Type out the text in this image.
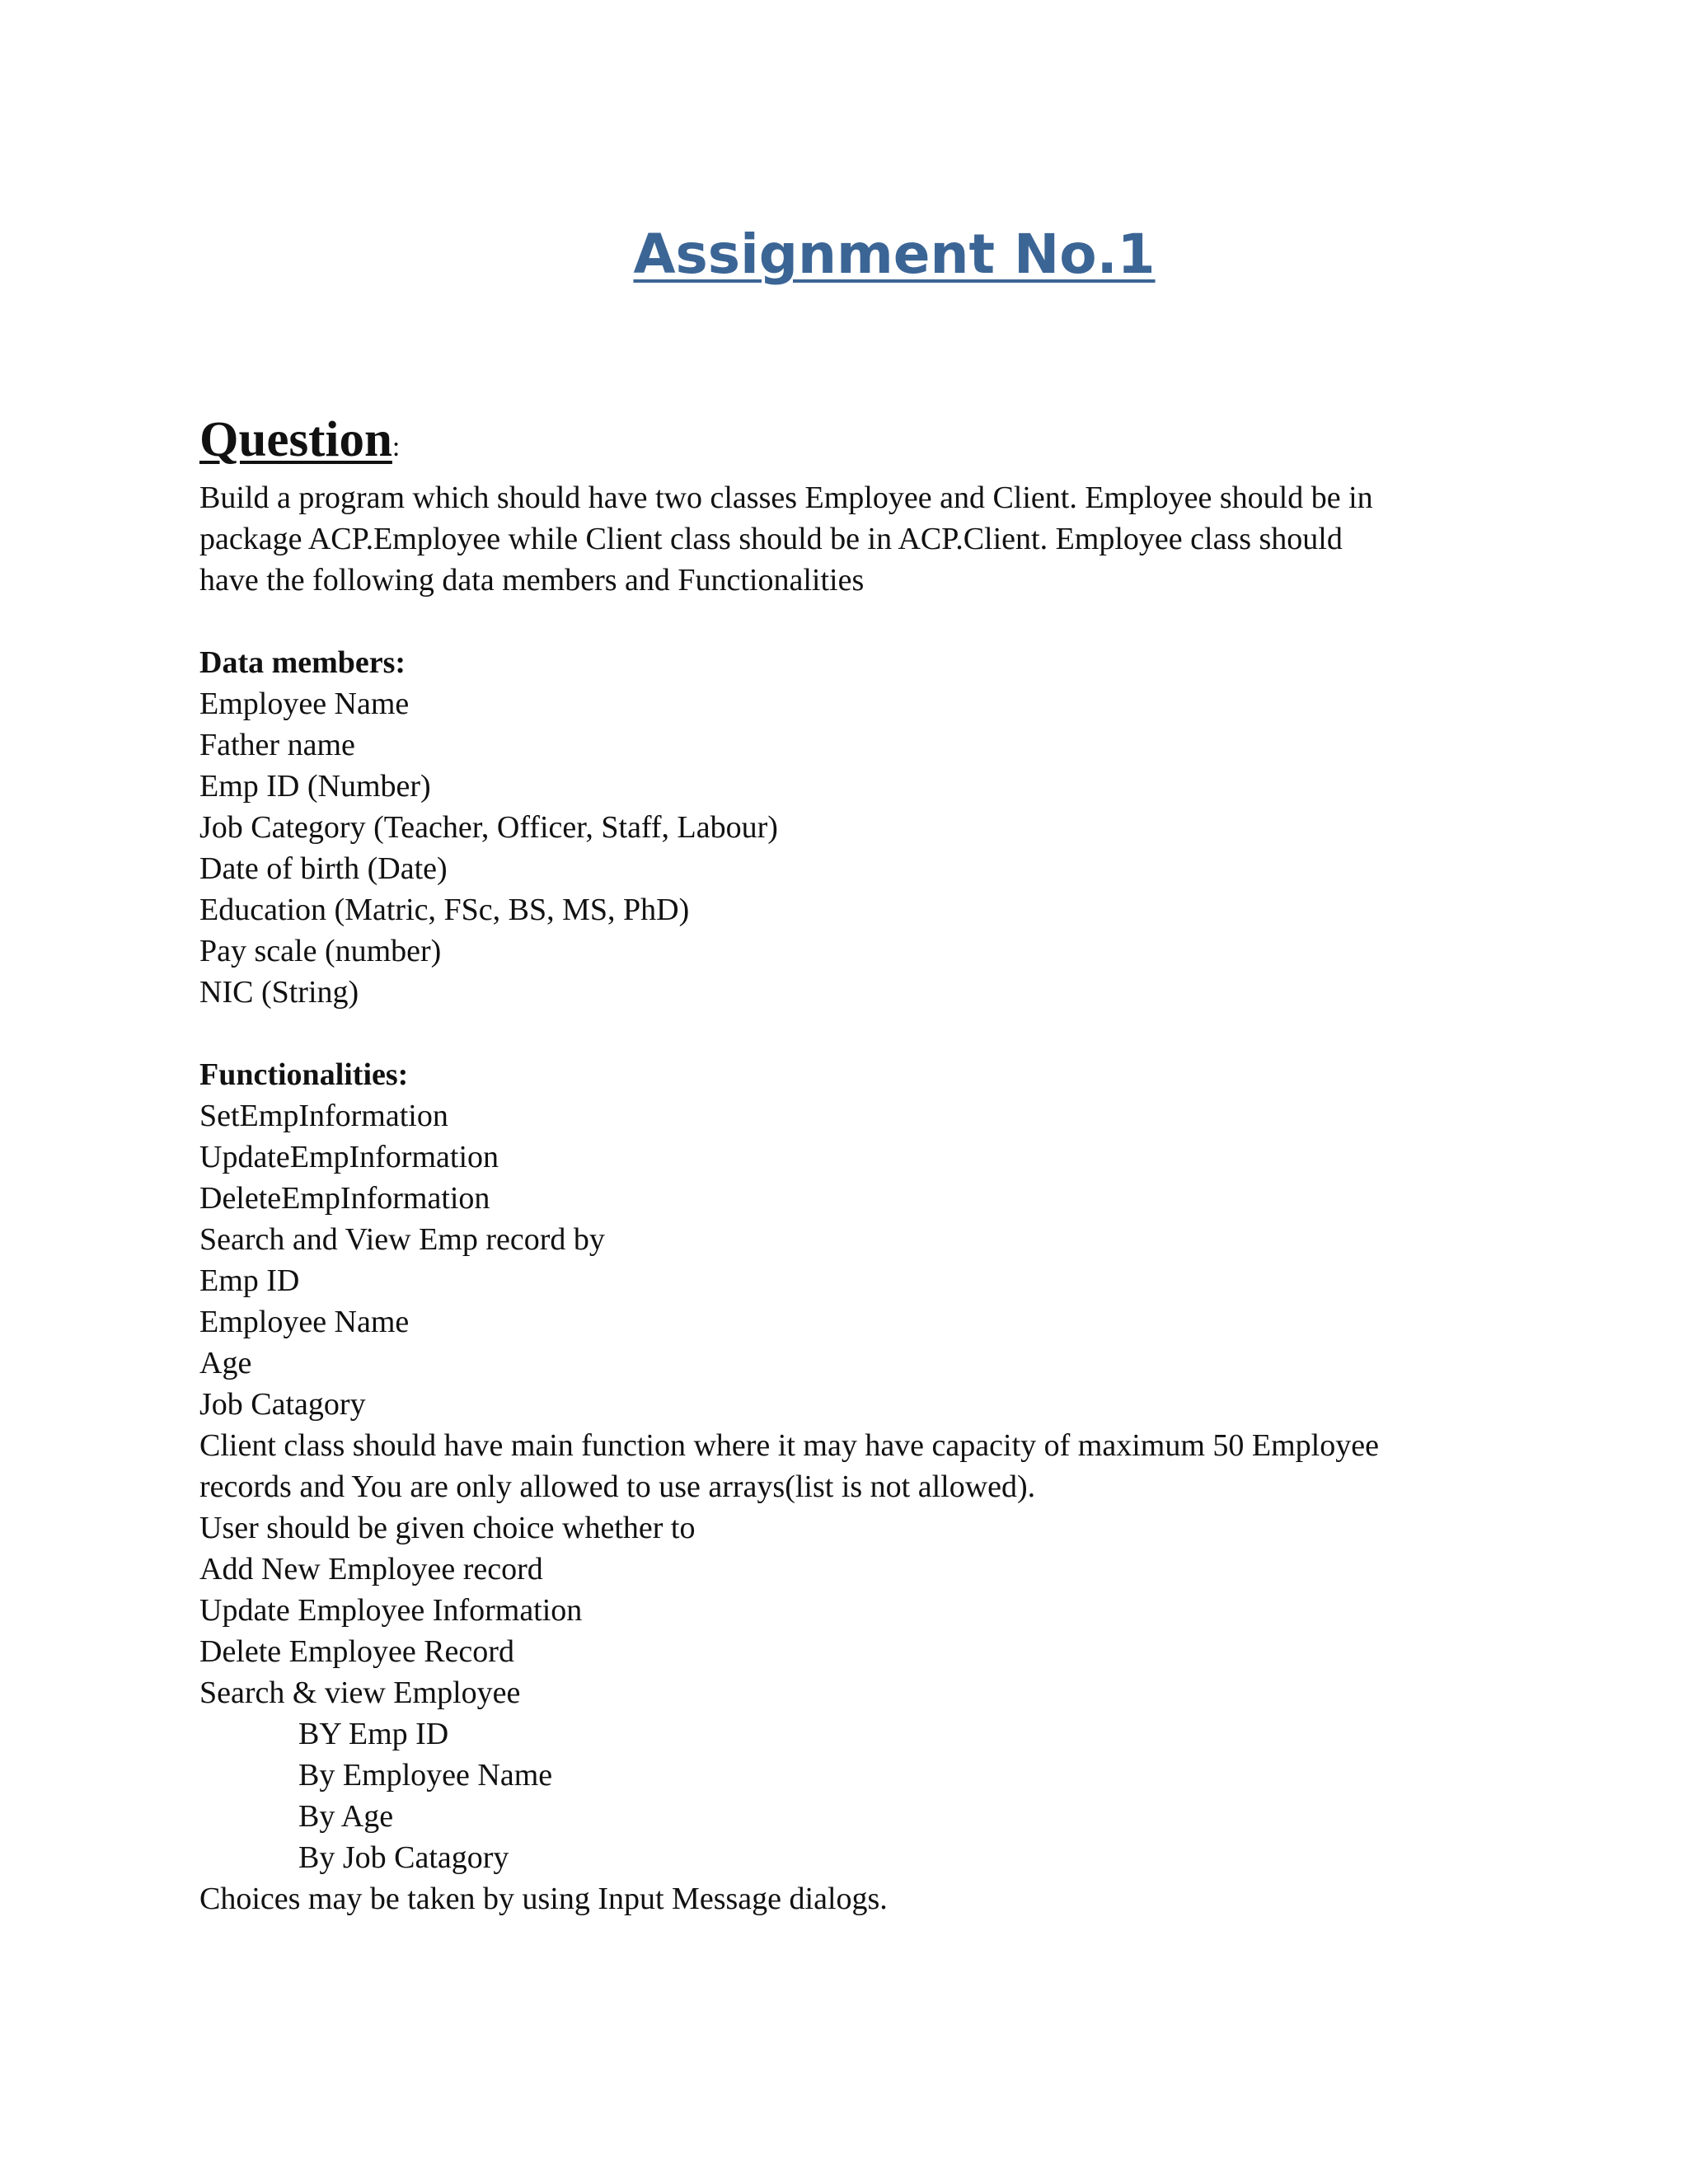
Assignment No.1
Question:

Build a program which should have two classes Employee and Client. Employee should be in

package ACP.Employee while Client class should be in ACP.Client. Employee class should

have the following data members and Functionalities

Data members:
Employee Name
Father name
Emp ID (Number)
Job Category (Teacher, Officer, Staff, Labour)
Date of birth (Date)
Education (Matric, FSc, BS, MS, PhD)
Pay scale (number)
NIC (String)
Functionalities:
SetEmpInformation
UpdateEmpInformation
DeleteEmpInformation
Search and View Emp record by
Emp ID
Employee Name
Age
Job Catagory

Client class should have main function where it may have capacity of maximum 50 Employee

records and You are only allowed to use arrays(list is not allowed).

User should be given choice whether to

Add New Employee record

Update Employee Information

Delete Employee Record

Search & view Employee

BY Emp ID
By Employee Name
By Age
By Job Catagory

Choices may be taken by using Input Message dialogs.
